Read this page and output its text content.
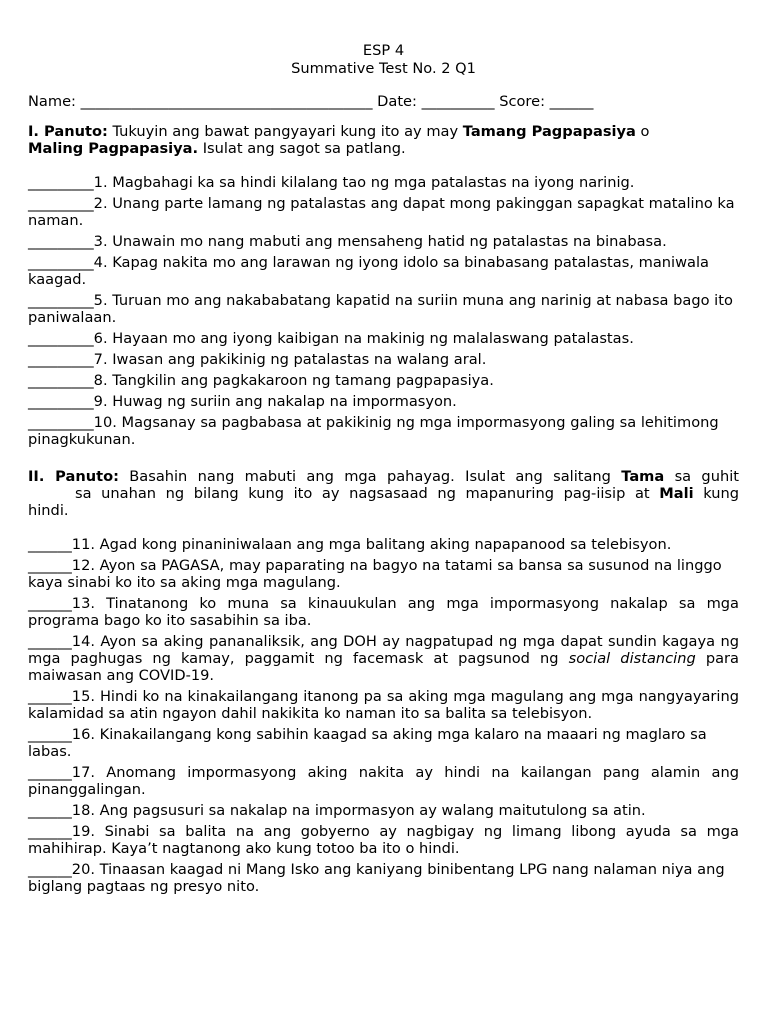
ESP 4
Summative Test No. 2 Q1
Name: ________________________________________ Date: __________ Score: ______
I. Panuto: Tukuyin ang bawat pangyayari kung ito ay may Tamang Pagpapasiya o
Maling Pagpapasiya. Isulat ang sagot sa patlang.
_________1. Magbahagi ka sa hindi kilalang tao ng mga patalastas na iyong narinig.
_________2. Unang parte lamang ng patalastas ang dapat mong pakinggan sapagkat matalino ka naman.
_________3. Unawain mo nang mabuti ang mensaheng hatid ng patalastas na binabasa.
_________4. Kapag nakita mo ang larawan ng iyong idolo sa binabasang patalastas, maniwala kaagad.
_________5. Turuan mo ang nakababatang kapatid na suriin muna ang narinig at nabasa bago ito paniwalaan.
_________6. Hayaan mo ang iyong kaibigan na makinig ng malalaswang patalastas.
_________7. Iwasan ang pakikinig ng patalastas na walang aral.
_________8. Tangkilin ang pagkakaroon ng tamang pagpapasiya.
_________9. Huwag ng suriin ang nakalap na impormasyon.
_________10. Magsanay sa pagbabasa at pakikinig ng mga impormasyong galing sa lehitimong pinagkukunan.
II. Panuto: Basahin nang mabuti ang mga pahayag. Isulat ang salitang Tama sa guhit
sa unahan ng bilang kung ito ay nagsasaad ng mapanuring pag-iisip at Mali kung
hindi.
______11. Agad kong pinaniniwalaan ang mga balitang aking napapanood sa telebisyon.
______12. Ayon sa PAGASA, may paparating na bagyo na tatami sa bansa sa susunod na linggo kaya sinabi ko ito sa aking mga magulang.
______13. Tinatanong ko muna sa kinauukulan ang mga impormasyong nakalap sa mga programa bago ko ito sasabihin sa iba.
______14. Ayon sa aking pananaliksik, ang DOH ay nagpatupad ng mga dapat sundin kagaya ng mga paghugas ng kamay, paggamit ng facemask at pagsunod ng social distancing para maiwasan ang COVID-19.
______15. Hindi ko na kinakailangang itanong pa sa aking mga magulang ang mga nangyayaring kalamidad sa atin ngayon dahil nakikita ko naman ito sa balita sa telebisyon.
______16. Kinakailangang kong sabihin kaagad sa aking mga kalaro na maaari ng maglaro sa labas.
______17. Anomang impormasyong aking nakita ay hindi na kailangan pang alamin ang pinanggalingan.
______18. Ang pagsusuri sa nakalap na impormasyon ay walang maitutulong sa atin.
______19. Sinabi sa balita na ang gobyerno ay nagbigay ng limang libong ayuda sa mga mahihirap. Kaya’t nagtanong ako kung totoo ba ito o hindi.
______20. Tinaasan kaagad ni Mang Isko ang kaniyang binibentang LPG nang nalaman niya ang biglang pagtaas ng presyo nito.
